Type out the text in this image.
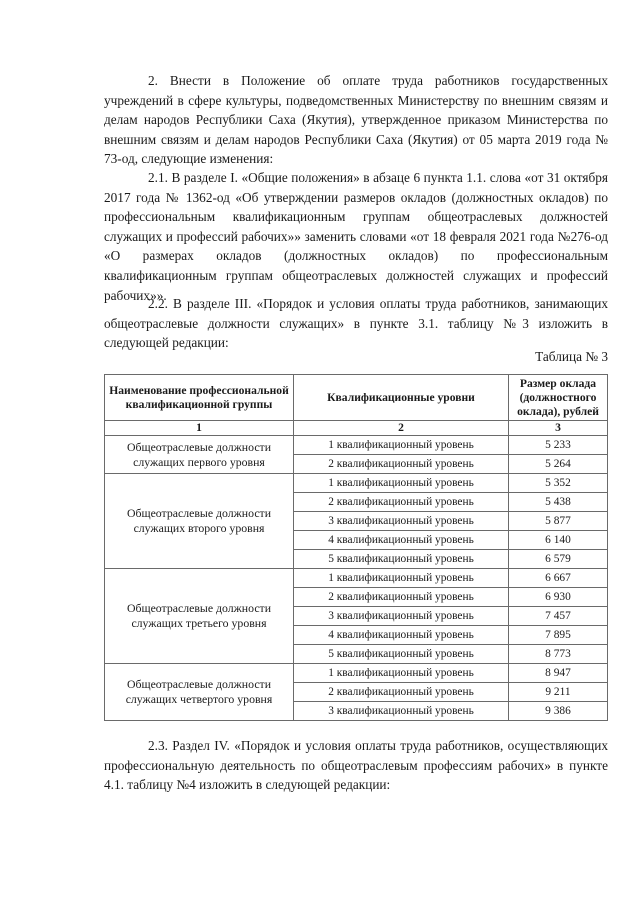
2. Внести в Положение об оплате труда работников государственных учреждений в сфере культуры, подведомственных Министерству по внешним связям и делам народов Республики Саха (Якутия), утвержденное приказом Министерства по внешним связям и делам народов Республики Саха (Якутия) от 05 марта 2019 года № 73-од, следующие изменения:

2.1. В разделе I. «Общие положения» в абзаце 6 пункта 1.1. слова «от 31 октября 2017 года № 1362-од «Об утверждении размеров окладов (должностных окладов) по профессиональным квалификационным группам общеотраслевых должностей служащих и профессий рабочих»» заменить словами «от 18 февраля 2021 года №276-од «О размерах окладов (должностных окладов) по профессиональным квалификационным группам общеотраслевых должностей служащих и профессий рабочих»».

2.2. В разделе III. «Порядок и условия оплаты труда работников, занимающих общеотраслевые должности служащих» в пункте 3.1. таблицу №3 изложить в следующей редакции:

Таблица № 3
Наименование профессиональной квалификационной группы	Квалификационные уровни	Размер оклада (должностного оклада), рублей
1	2	3
Общеотраслевые должности служащих первого уровня	1 квалификационный уровень	5 233
	2 квалификационный уровень	5 264
Общеотраслевые должности служащих второго уровня	1 квалификационный уровень	5 352
	2 квалификационный уровень	5 438
	3 квалификационный уровень	5 877
	4 квалификационный уровень	6 140
	5 квалификационный уровень	6 579
Общеотраслевые должности служащих третьего уровня	1 квалификационный уровень	6 667
	2 квалификационный уровень	6 930
	3 квалификационный уровень	7 457
	4 квалификационный уровень	7 895
	5 квалификационный уровень	8 773
Общеотраслевые должности служащих четвертого уровня	1 квалификационный уровень	8 947
	2 квалификационный уровень	9 211
	3 квалификационный уровень	9 386

2.3. Раздел IV. «Порядок и условия оплаты труда работников, осуществляющих профессиональную деятельность по общеотраслевым профессиям рабочих» в пункте 4.1. таблицу №4 изложить в следующей редакции:
